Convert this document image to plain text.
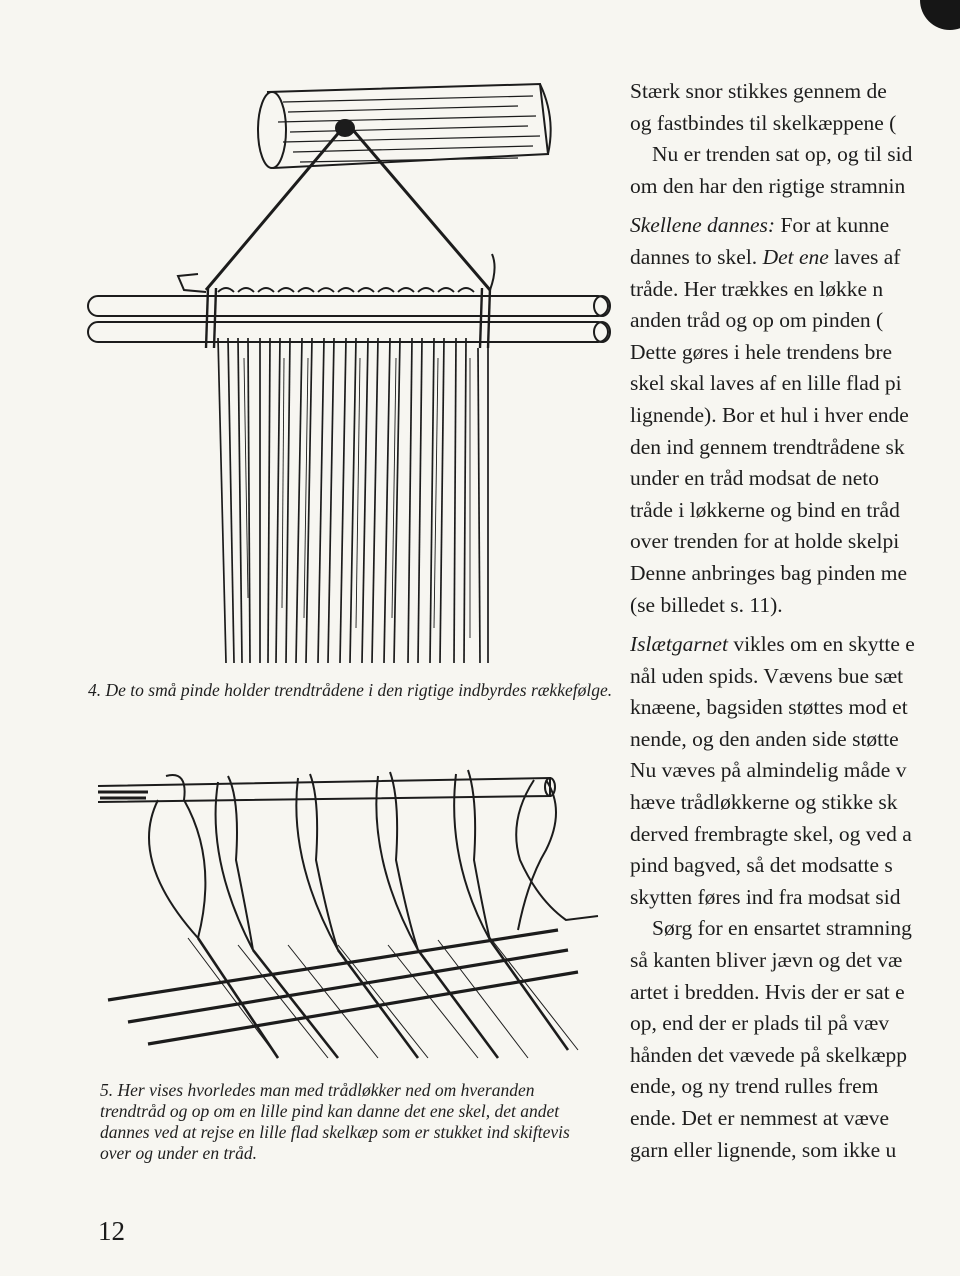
4. De to små pinde holder trendtrådene i den rigtige indbyrdes rækkefølge.
5. Her vises hvorledes man med trådløkker ned om hveranden trendtråd og op om en lille pind kan danne det ene skel, det andet dannes ved at rejse en lille flad skelkæp som er stukket ind skiftevis over og under en tråd.
12
Stærk snor stikkes gennem de
og fastbindes til skelkæppene (
Nu er trenden sat op, og til sid
om den har den rigtige stramnin
Skellene dannes: For at kunne
dannes to skel. Det ene laves af
tråde. Her trækkes en løkke n
anden tråd og op om pinden (
Dette gøres i hele trendens bre
skel skal laves af en lille flad pi
lignende). Bor et hul i hver ende
den ind gennem trendtrådene sk
under en tråd modsat de neto
tråde i løkkerne og bind en tråd
over trenden for at holde skelpi
Denne anbringes bag pinden me
(se billedet s. 11).
Islætgarnet vikles om en skytte e
nål uden spids. Vævens bue sæt
knæene, bagsiden støttes mod et
nende, og den anden side støtte
Nu væves på almindelig måde v
hæve trådløkkerne og stikke sk
derved frembragte skel, og ved a
pind bagved, så det modsatte s
skytten føres ind fra modsat sid
Sørg for en ensartet stramning
så kanten bliver jævn og det væ
artet i bredden. Hvis der er sat e
op, end der er plads til på væv
hånden det vævede på skelkæpp
ende, og ny trend rulles frem
ende. Det er nemmest at væve
garn eller lignende, som ikke u
